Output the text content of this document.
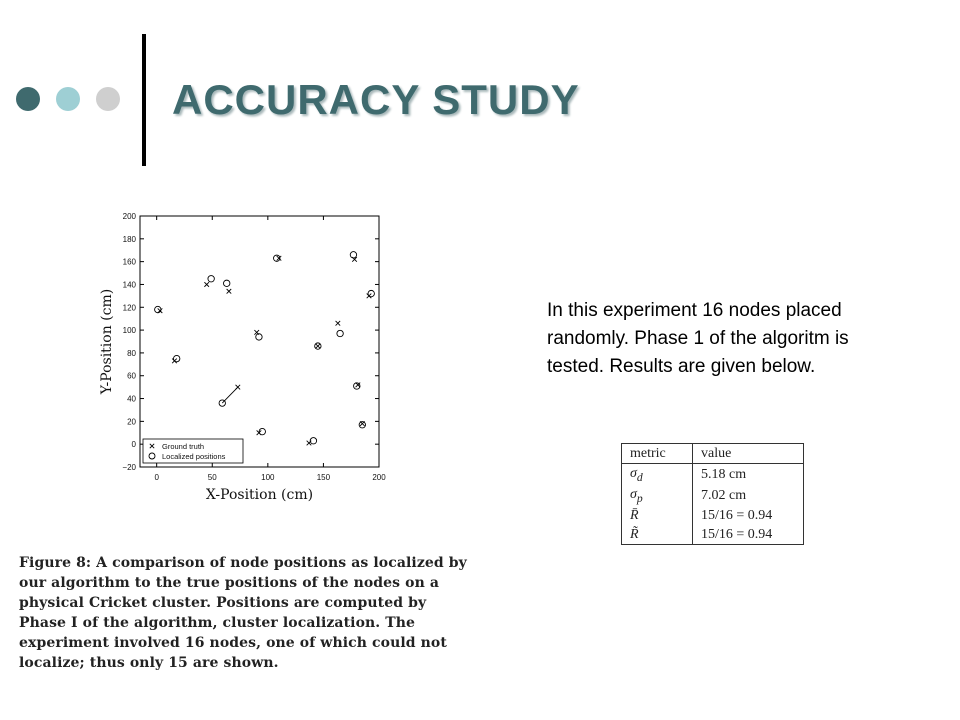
ACCURACY STUDY
0	50	100	150	200
−20
0
20
40
60
80
100
120
140
160
180
200
Ground truth
Localized positions
X-Position (cm)
Y-Position (cm)
Figure 8: A comparison of node positions as localized by our algorithm to the true positions of the nodes on a physical Cricket cluster. Positions are computed by Phase I of the algorithm, cluster localization. The experiment involved 16 nodes, one of which could not localize; thus only 15 are shown.
In this experiment 16 nodes placed randomly. Phase 1 of the algoritm is tested. Results are given below.
metric	value
$\sigma_d$	5.18 cm
$\sigma_p$	7.02 cm
R̄	15/16 = 0.94
R̃	15/16 = 0.94
